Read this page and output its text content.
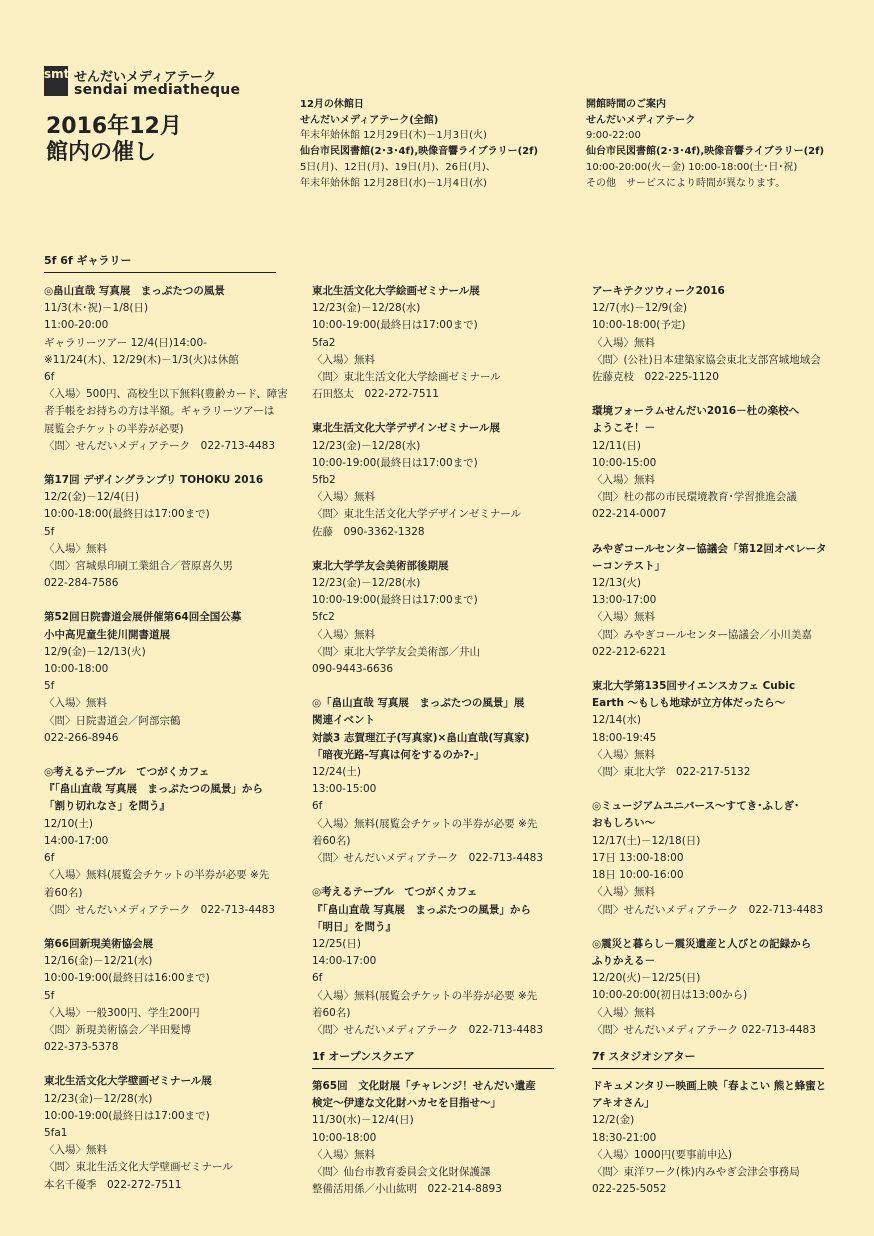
smt せんだいメディアテーク
sendai mediatheque
2016年12月
館内の催し
12月の休館日
せんだいメディアテーク(全館)
年末年始休館 12月29日(木)－1月3日(火)
仙台市民図書館(2･3･4f),映像音響ライブラリー(2f)
5日(月)、12日(月)、19日(月)、26日(月)、
年末年始休館 12月28日(水)－1月4日(水)
開館時間のご案内
せんだいメディアテーク
9:00-22:00
仙台市民図書館(2･3･4f),映像音響ライブラリー(2f)
10:00-20:00(火－金) 10:00-18:00(土･日･祝)
その他　サービスにより時間が異なります。
5f 6f ギャラリー
1f オープンスクエア	7f スタジオシアター
◎畠山直哉 写真展　まっぷたつの風景
11/3(木･祝)－1/8(日)
11:00-20:00
ギャラリーツアー 12/4(日)14:00-
※11/24(木)、12/29(木)－1/3(火)は休館
6f
〈入場〉500円、高校生以下無料(豊齢カード、障害
者手帳をお持ちの方は半額。ギャラリーツアーは
展覧会チケットの半券が必要)
〈問〉せんだいメディアテーク　022-713-4483
第17回 デザイングランプリ TOHOKU 2016
12/2(金)－12/4(日)
10:00-18:00(最終日は17:00まで)
5f
〈入場〉無料
〈問〉宮城県印刷工業組合／菅原喜久男
022-284-7586
第52回日院書道会展併催第64回全国公募
小中高児童生徒川開書道展
12/9(金)－12/13(火)
10:00-18:00
5f
〈入場〉無料
〈問〉日院書道会／阿部宗鶴
022-266-8946
◎考えるテーブル　てつがくカフェ
『「畠山直哉 写真展　まっぷたつの風景」から
「割り切れなさ」を問う』
12/10(土)
14:00-17:00
6f
〈入場〉無料(展覧会チケットの半券が必要 ※先
着60名)
〈問〉せんだいメディアテーク　022-713-4483
第66回新現美術協会展
12/16(金)－12/21(水)
10:00-19:00(最終日は16:00まで)
5f
〈入場〉一般300円、学生200円
〈問〉新現美術協会／半田髪博
022-373-5378
東北生活文化大学壁画ゼミナール展
12/23(金)－12/28(水)
10:00-19:00(最終日は17:00まで)
5fa1
〈入場〉無料
〈問〉東北生活文化大学壁画ゼミナール
本名千優季　022-272-7511
東北生活文化大学絵画ゼミナール展
12/23(金)－12/28(水)
10:00-19:00(最終日は17:00まで)
5fa2
〈入場〉無料
〈問〉東北生活文化大学絵画ゼミナール
石田悠太　022-272-7511
東北生活文化大学デザインゼミナール展
12/23(金)－12/28(水)
10:00-19:00(最終日は17:00まで)
5fb2
〈入場〉無料
〈問〉東北生活文化大学デザインゼミナール
佐藤　090-3362-1328
東北大学学友会美術部後期展
12/23(金)－12/28(水)
10:00-19:00(最終日は17:00まで)
5fc2
〈入場〉無料
〈問〉東北大学学友会美術部／井山
090-9443-6636
◎「畠山直哉 写真展　まっぷたつの風景」展
関連イベント
対談3 志賀理江子(写真家)×畠山直哉(写真家)
「暗夜光路-写真は何をするのか?-」
12/24(土)
13:00-15:00
6f
〈入場〉無料(展覧会チケットの半券が必要 ※先
着60名)
〈問〉せんだいメディアテーク　022-713-4483
◎考えるテーブル　てつがくカフェ
『「畠山直哉 写真展　まっぷたつの風景」から
「明日」を問う』
12/25(日)
14:00-17:00
6f
〈入場〉無料(展覧会チケットの半券が必要 ※先
着60名)
〈問〉せんだいメディアテーク　022-713-4483
第65回　文化財展「チャレンジ！せんだい遺産
検定～伊達な文化財ハカセを目指せ～」
11/30(水)－12/4(日)
10:00-18:00
〈入場〉無料
〈問〉仙台市教育委員会文化財保護課
整備活用係／小山紘明　022-214-8893
アーキテクツウィーク2016
12/7(水)－12/9(金)
10:00-18:00(予定)
〈入場〉無料
〈問〉(公社)日本建築家協会東北支部宮城地域会
佐藤克枝　022-225-1120
環境フォーラムせんだい2016－杜の楽校へ
ようこそ！－
12/11(日)
10:00-15:00
〈入場〉無料
〈問〉杜の都の市民環境教育･学習推進会議
022-214-0007
みやぎコールセンター協議会「第12回オペレータ
ーコンテスト」
12/13(火)
13:00-17:00
〈入場〉無料
〈問〉みやぎコールセンター協議会／小川美嘉
022-212-6221
東北大学第135回サイエンスカフェ Cubic
Earth ～もしも地球が立方体だったら～
12/14(水)
18:00-19:45
〈入場〉無料
〈問〉東北大学　022-217-5132
◎ミュージアムユニバース～すてき･ふしぎ･
おもしろい～
12/17(土)－12/18(日)
17日 13:00-18:00
18日 10:00-16:00
〈入場〉無料
〈問〉せんだいメディアテーク　022-713-4483
◎震災と暮らし－震災遺産と人びとの記録から
ふりかえる－
12/20(火)－12/25(日)
10:00-20:00(初日は13:00から)
〈入場〉無料
〈問〉せんだいメディアテーク 022-713-4483
ドキュメンタリー映画上映「春よこい 熊と蜂蜜と
アキオさん」
12/2(金)
18:30-21:00
〈入場〉1000円(要事前申込)
〈問〉東洋ワーク(株)内みやぎ会津会事務局
022-225-5052
